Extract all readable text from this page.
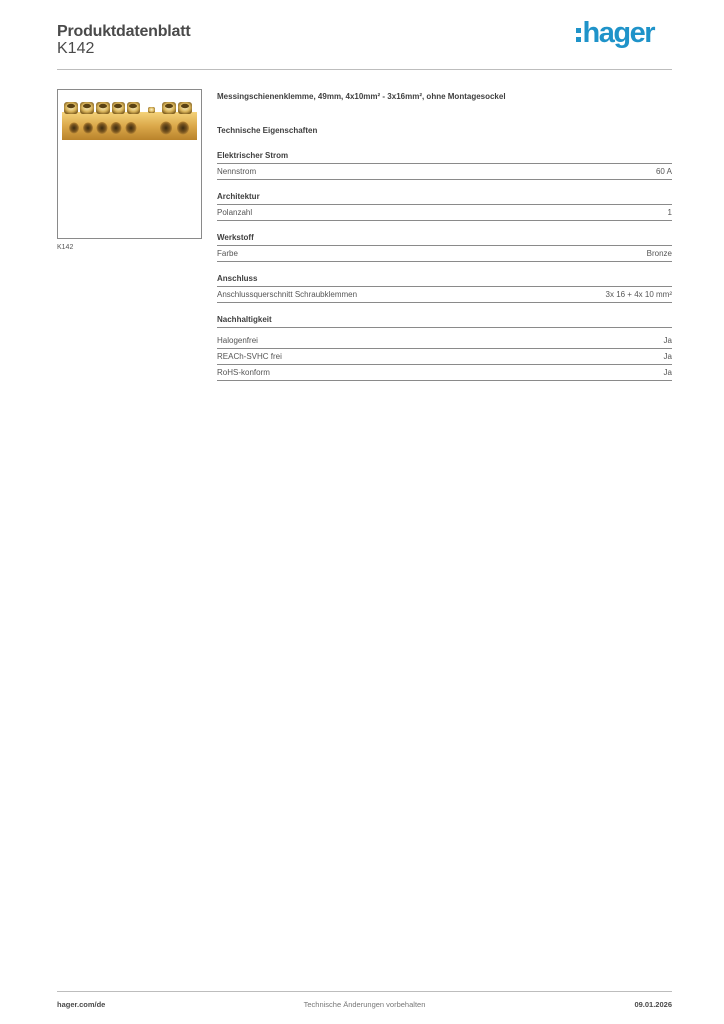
Produktdatenblatt
K142	hager
K142
Messingschienenklemme, 49mm, 4x10mm² - 3x16mm², ohne Montagesockel
Technische Eigenschaften
Elektrischer Strom
Nennstrom	60 A
Architektur
Polanzahl	1
Werkstoff
Farbe	Bronze
Anschluss
Anschlussquerschnitt Schraubklemmen	3x 16 + 4x 10 mm²
Nachhaltigkeit
Halogenfrei	Ja
REACh-SVHC frei	Ja
RoHS-konform	Ja
hager.com/de	Technische Änderungen vorbehalten	09.01.2026
